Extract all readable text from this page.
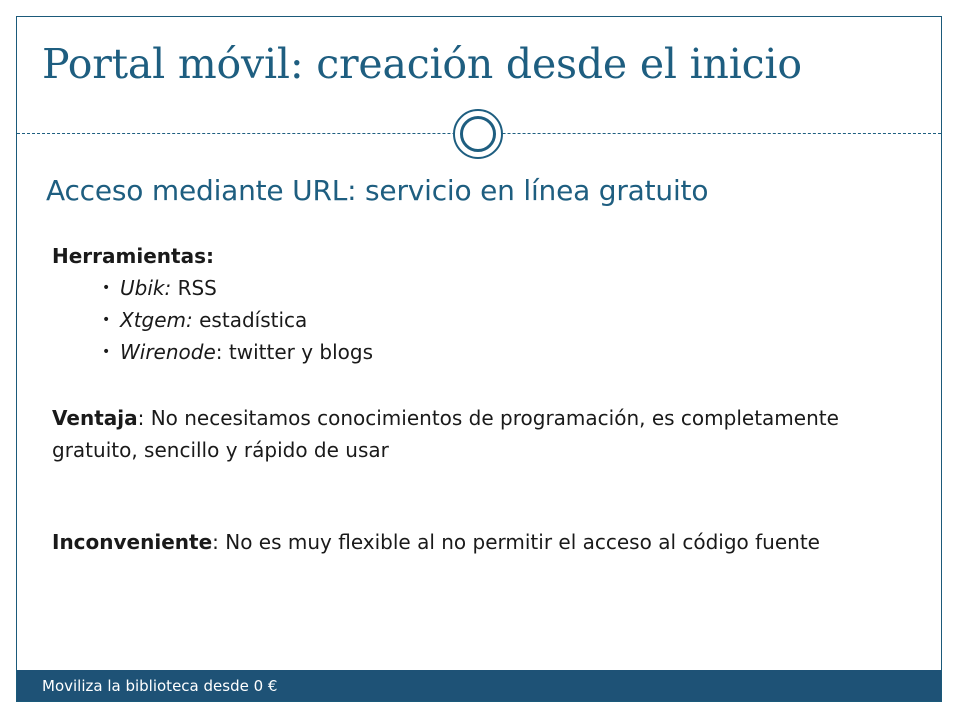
Portal móvil: creación desde el inicio
Acceso mediante URL: servicio en línea gratuito

Herramientas:

• Ubik: RSS
• Xtgem: estadística
• Wirenode: twitter y blogs

Ventaja: No necesitamos conocimientos de programación, es completamente gratuito, sencillo y rápido de usar

Inconveniente: No es muy flexible al no permitir el acceso al código fuente

Moviliza la biblioteca desde 0 €
